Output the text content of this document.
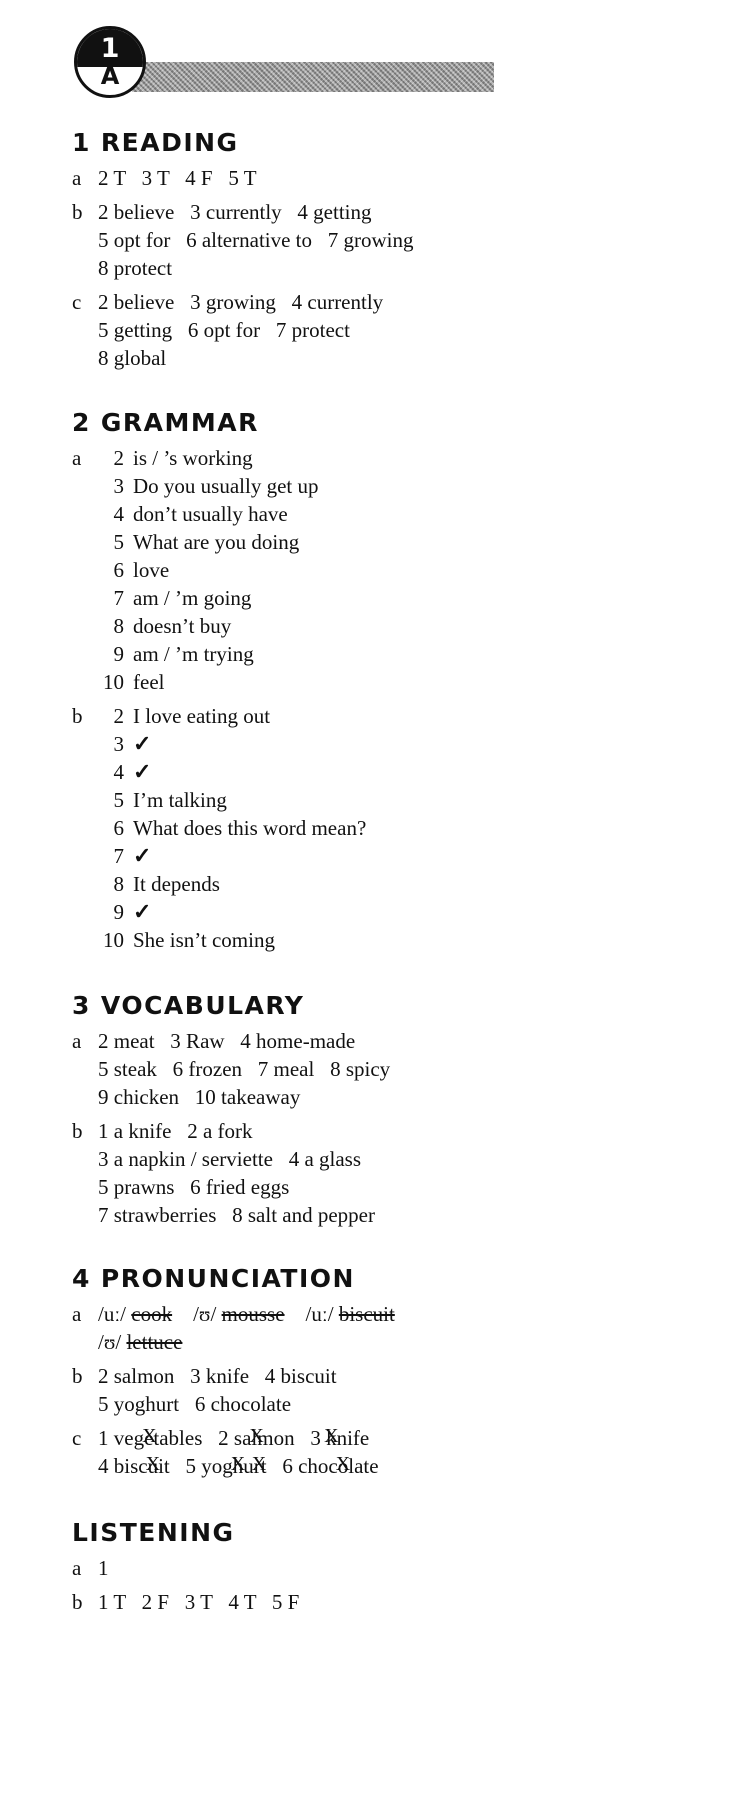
1
A
1 READING
a 2 T   3 T   4 F   5 T
b 2 believe   3 currently   4 getting
5 opt for   6 alternative to   7 growing
8 protect
c 2 believe   3 growing   4 currently
5 getting   6 opt for   7 protect
8 global
2 GRAMMAR
a	2 is / ’s working
3 Do you usually get up
4 don’t usually have
5 What are you doing
6 love
7 am / ’m going
8 doesn’t buy
9 am / ’m trying
10 feel
b	2 I love eating out
3 ✓
4 ✓
5 I’m talking
6 What does this word mean?
7 ✓
8 It depends
9 ✓
10 She isn’t coming
3 VOCABULARY
a 2 meat   3 Raw   4 home-made
5 steak   6 frozen   7 meal   8 spicy
9 chicken   10 takeaway
b 1 a knife   2 a fork
3 a napkin / serviette   4 a glass
5 prawns   6 fried eggs
7 strawberries   8 salt and pepper
4 PRONUNCIATION
a /uː/ cook /ʊ/ mousse /uː/ biscuit
/ʊ/ lettuce
b 2 salmon   3 knife   4 biscuit
5 yoghurt   6 chocolate
c 1 vege Xtables 2 sal Xmon 3 k Xnife
4 biscu Xit 5 yogh Xur Xt 6 choco Xlate
LISTENING
a 1
b 1 T   2 F   3 T   4 T   5 F
